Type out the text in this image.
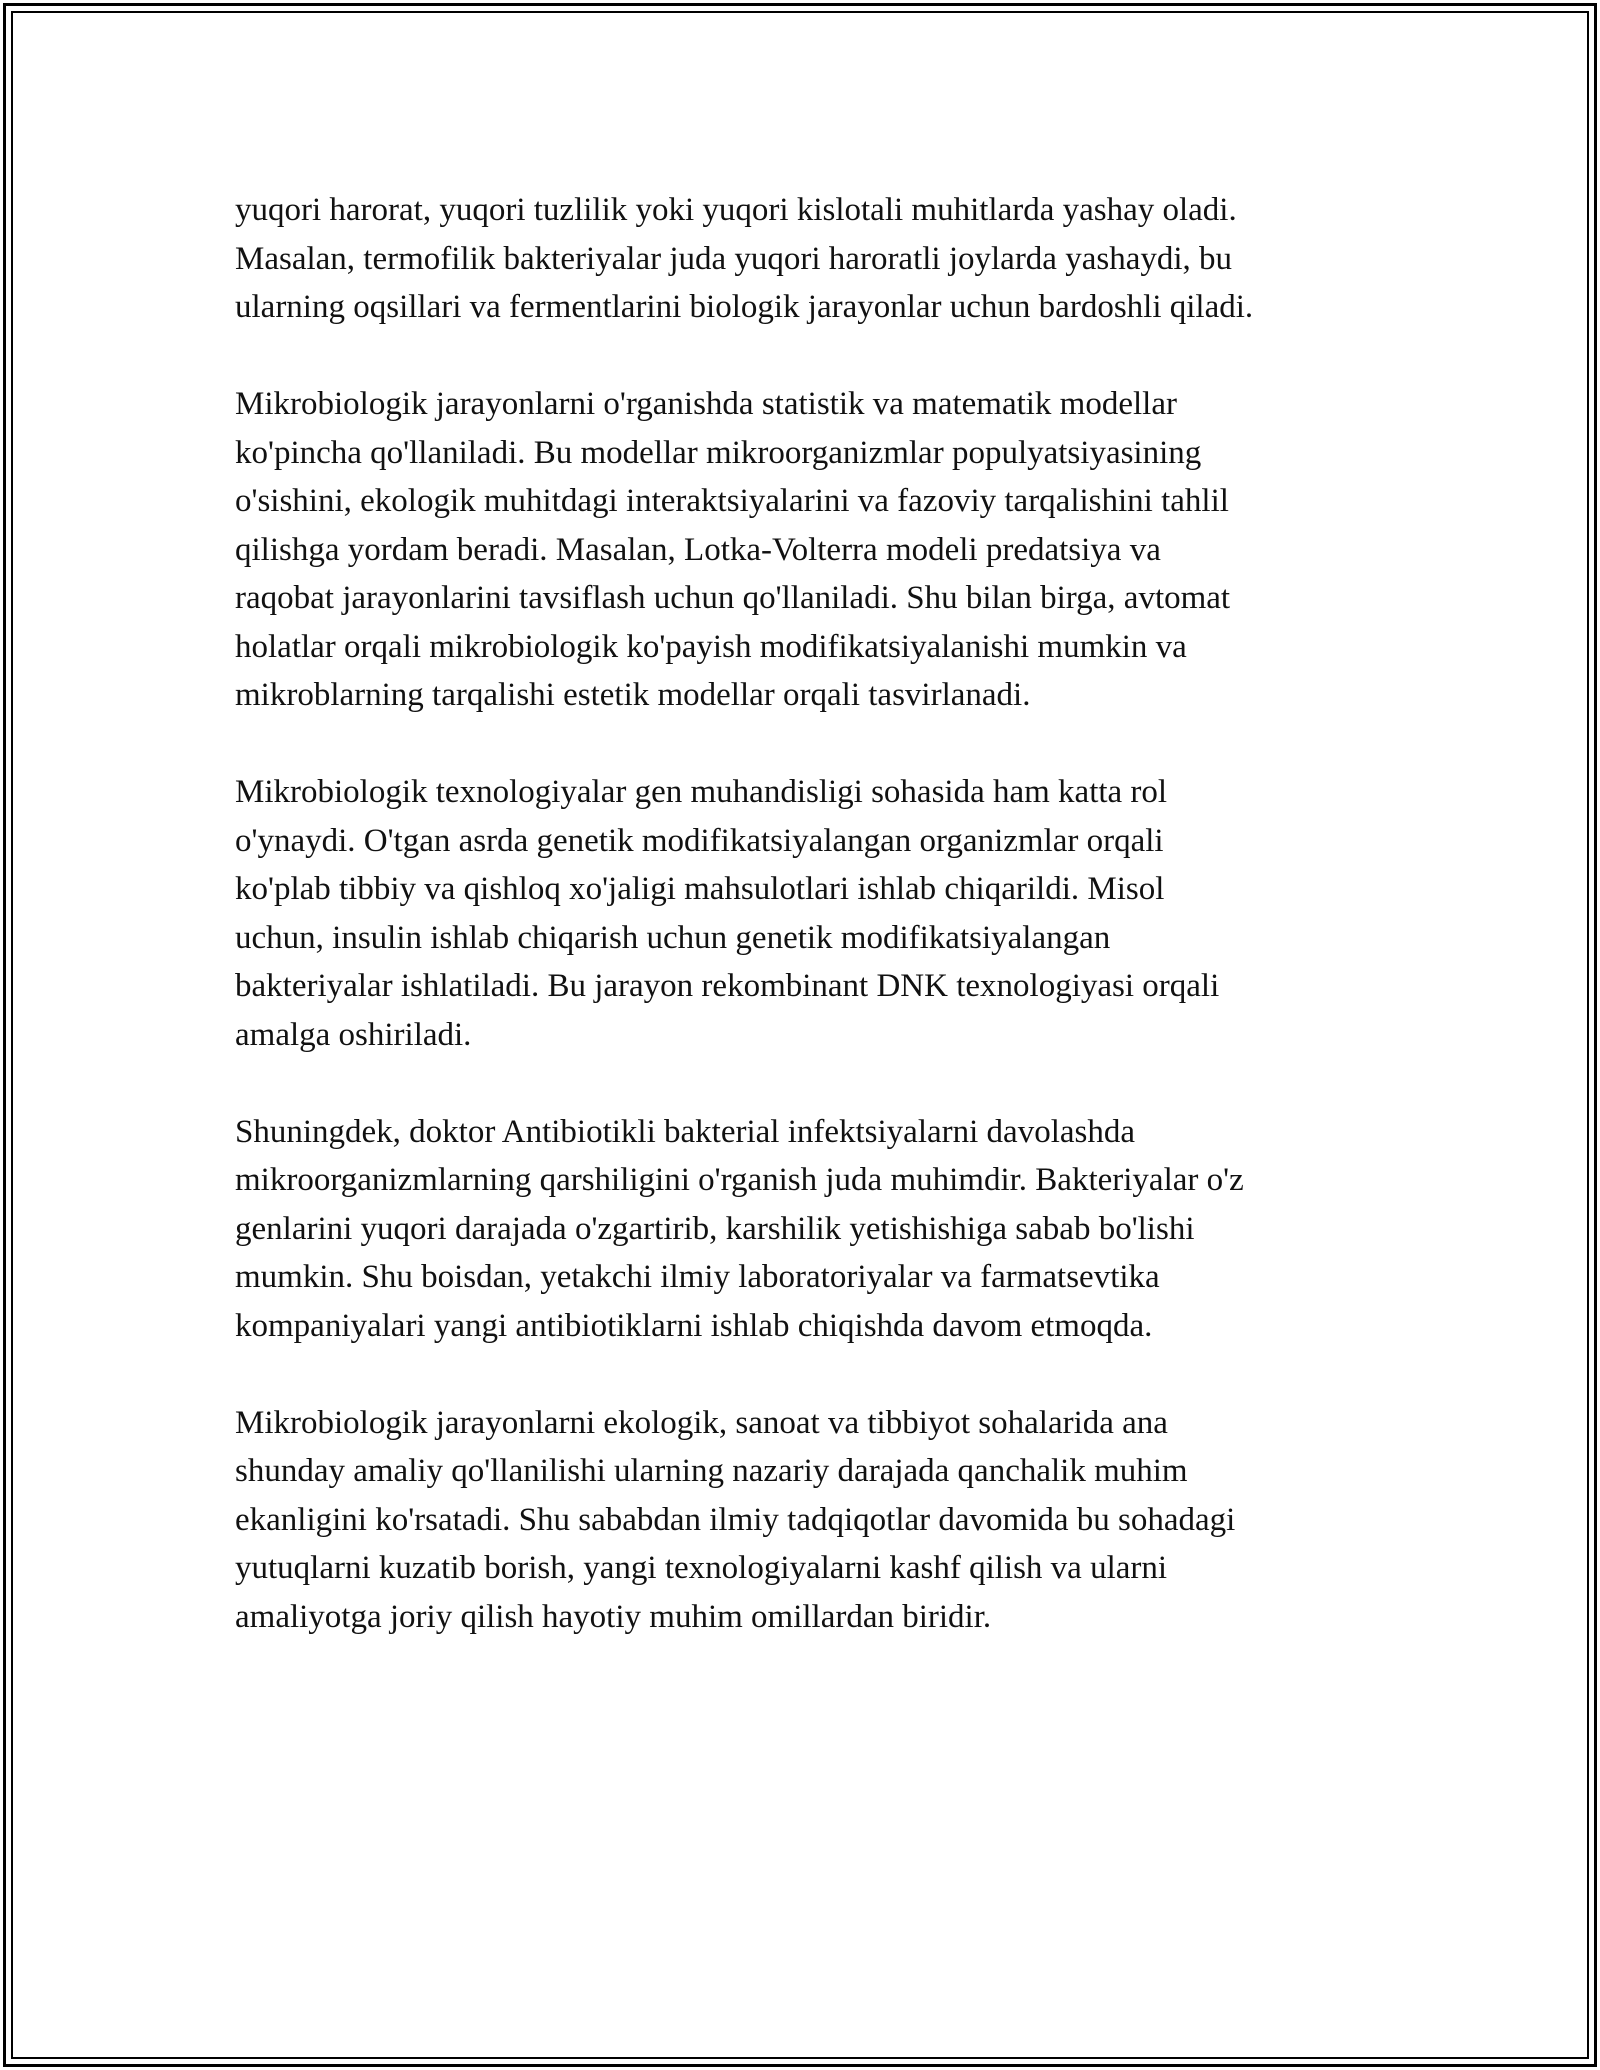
yuqori harorat, yuqori tuzlilik yoki yuqori kislotali muhitlarda yashay oladi.
Masalan, termofilik bakteriyalar juda yuqori haroratli joylarda yashaydi, bu
ularning oqsillari va fermentlarini biologik jarayonlar uchun bardoshli qiladi.

Mikrobiologik jarayonlarni o'rganishda statistik va matematik modellar
ko'pincha qo'llaniladi. Bu modellar mikroorganizmlar populyatsiyasining
o'sishini, ekologik muhitdagi interaktsiyalarini va fazoviy tarqalishini tahlil
qilishga yordam beradi. Masalan, Lotka-Volterra modeli predatsiya va
raqobat jarayonlarini tavsiflash uchun qo'llaniladi. Shu bilan birga, avtomat
holatlar orqali mikrobiologik ko'payish modifikatsiyalanishi mumkin va
mikroblarning tarqalishi estetik modellar orqali tasvirlanadi.

Mikrobiologik texnologiyalar gen muhandisligi sohasida ham katta rol
o'ynaydi. O'tgan asrda genetik modifikatsiyalangan organizmlar orqali
ko'plab tibbiy va qishloq xo'jaligi mahsulotlari ishlab chiqarildi. Misol
uchun, insulin ishlab chiqarish uchun genetik modifikatsiyalangan
bakteriyalar ishlatiladi. Bu jarayon rekombinant DNK texnologiyasi orqali
amalga oshiriladi.

Shuningdek, doktor Antibiotikli bakterial infektsiyalarni davolashda
mikroorganizmlarning qarshiligini o'rganish juda muhimdir. Bakteriyalar o'z
genlarini yuqori darajada o'zgartirib, karshilik yetishishiga sabab bo'lishi
mumkin. Shu boisdan, yetakchi ilmiy laboratoriyalar va farmatsevtika
kompaniyalari yangi antibiotiklarni ishlab chiqishda davom etmoqda.

Mikrobiologik jarayonlarni ekologik, sanoat va tibbiyot sohalarida ana
shunday amaliy qo'llanilishi ularning nazariy darajada qanchalik muhim
ekanligini ko'rsatadi. Shu sababdan ilmiy tadqiqotlar davomida bu sohadagi
yutuqlarni kuzatib borish, yangi texnologiyalarni kashf qilish va ularni
amaliyotga joriy qilish hayotiy muhim omillardan biridir.
